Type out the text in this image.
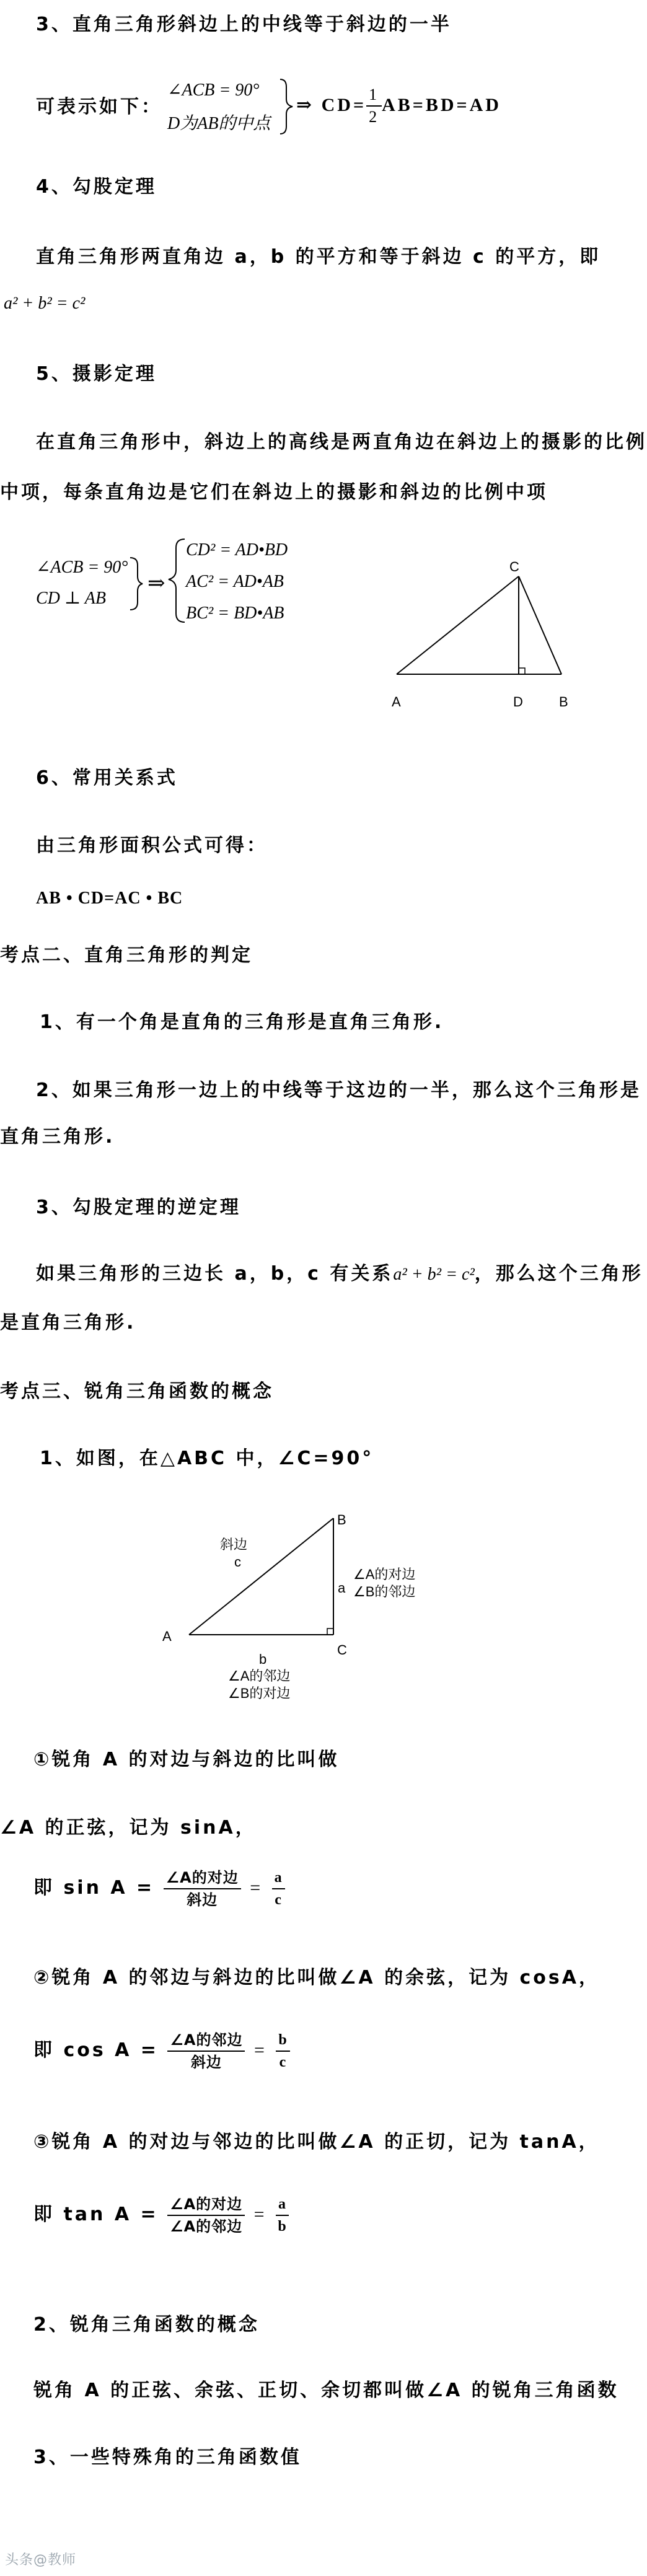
3、直角三角形斜边上的中线等于斜边的一半
可表示如下：
∠ACB = 90°
D为AB的中点
⇒ $CD= \frac{1}{2} AB=BD=AD$
4、勾股定理
直角三角形两直角边 a，b 的平方和等于斜边 c 的平方，即
a² + b² = c²
5、摄影定理
在直角三角形中，斜边上的高线是两直角边在斜边上的摄影的比例
中项，每条直角边是它们在斜边上的摄影和斜边的比例中项
∠ACB = 90°
CD ⊥ AB
⇒
CD² = AD•BD
AC² = AD•AB
BC² = BD•AB
C
A	D	B
6、常用关系式
由三角形面积公式可得：
AB • CD=AC • BC
考点二、直角三角形的判定
1、有一个角是直角的三角形是直角三角形.
2、如果三角形一边上的中线等于这边的一半，那么这个三角形是
直角三角形.
3、勾股定理的逆定理
如果三角形的三边长 a，b，c 有关系a² + b² = c²，那么这个三角形
是直角三角形.
考点三、锐角三角函数的概念
1、如图，在△ABC 中，∠C=90°
B
A
C
斜边
c
a
b
∠A的对边
∠B的邻边
∠A的邻边
∠B的对边
①锐角 A 的对边与斜边的比叫做
∠A 的正弦，记为 sinA，
即 $\sin A = \frac{\text{∠A的对边}}{\text{斜边}} = \frac{a}{c}$
②锐角 A 的邻边与斜边的比叫做∠A 的余弦，记为 cosA，
即 $\cos A = \frac{\text{∠A的邻边}}{\text{斜边}} = \frac{b}{c}$
③锐角 A 的对边与邻边的比叫做∠A 的正切，记为 tanA，
即 $\tan A = \frac{\text{∠A的对边}}{\text{∠A的邻边}} = \frac{a}{b}$
2、锐角三角函数的概念
锐角 A 的正弦、余弦、正切、余切都叫做∠A 的锐角三角函数
3、一些特殊角的三角函数值
头条@教师
